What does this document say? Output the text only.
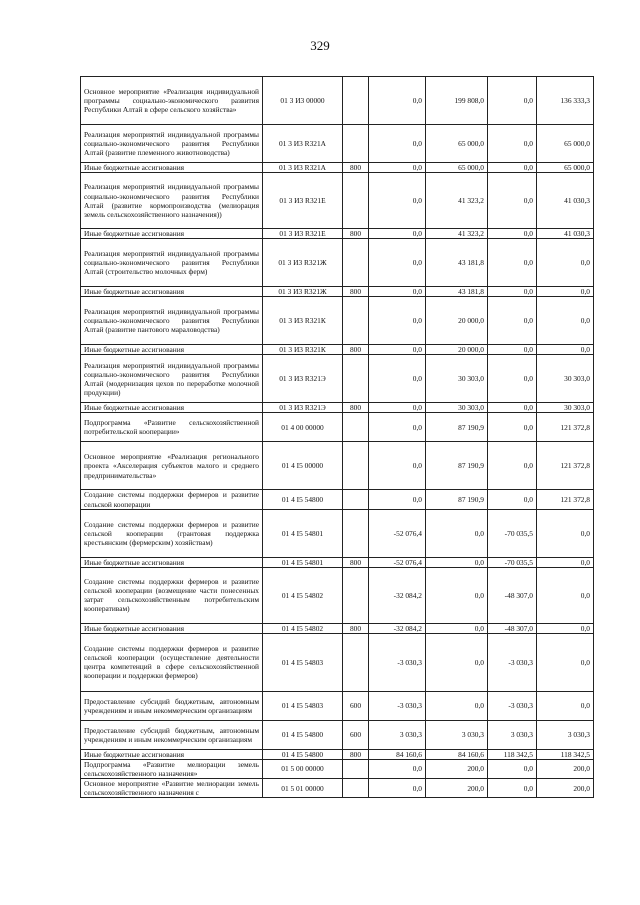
329
Основное мероприятие «Реализация индивидуальной программы социально-экономического развития Республики Алтай в сфере сельского хозяйства»	01 3 И3 00000		0,0	199 808,0	0,0	136 333,3
Реализация мероприятий индивидуальной программы социально-экономического развития Республики Алтай (развитие племенного животноводства)	01 3 И3 R321A		0,0	65 000,0	0,0	65 000,0
Иные бюджетные ассигнования	01 3 И3 R321A	800	0,0	65 000,0	0,0	65 000,0
Реализация мероприятий индивидуальной программы социально-экономического развития Республики Алтай (развитие кормопроизводства (мелиорация земель сельскохозяйственного назначения))	01 3 И3 R321Е		0,0	41 323,2	0,0	41 030,3
Иные бюджетные ассигнования	01 3 И3 R321Е	800	0,0	41 323,2	0,0	41 030,3
Реализация мероприятий индивидуальной программы социально-экономического развития Республики Алтай (строительство молочных ферм)	01 3 И3 R321Ж		0,0	43 181,8	0,0	0,0
Иные бюджетные ассигнования	01 3 И3 R321Ж	800	0,0	43 181,8	0,0	0,0
Реализация мероприятий индивидуальной программы социально-экономического развития Республики Алтай (развитие пантового мараловодства)	01 3 И3 R321К		0,0	20 000,0	0,0	0,0
Иные бюджетные ассигнования	01 3 И3 R321К	800	0,0	20 000,0	0,0	0,0
Реализация мероприятий индивидуальной программы социально-экономического развития Республики Алтай (модернизация цехов по переработке молочной продукции)	01 3 И3 R321Э		0,0	30 303,0	0,0	30 303,0
Иные бюджетные ассигнования	01 3 И3 R321Э	800	0,0	30 303,0	0,0	30 303,0
Подпрограмма «Развитие сельскохозяйственной потребительской кооперации»	01 4 00 00000		0,0	87 190,9	0,0	121 372,8
Основное мероприятие «Реализация регионального проекта «Акселерация субъектов малого и среднего предпринимательства»	01 4 I5 00000		0,0	87 190,9	0,0	121 372,8
Создание системы поддержки фермеров и развитие сельской кооперации	01 4 I5 54800		0,0	87 190,9	0,0	121 372,8
Создание системы поддержки фермеров и развитие сельской кооперации (грантовая поддержка крестьянским (фермерским) хозяйствам)	01 4 I5 54801		-52 076,4	0,0	-70 035,5	0,0
Иные бюджетные ассигнования	01 4 I5 54801	800	-52 076,4	0,0	-70 035,5	0,0
Создание системы поддержки фермеров и развитие сельской кооперации (возмещение части понесенных затрат сельскохозяйственным потребительским кооперативам)	01 4 I5 54802		-32 084,2	0,0	-48 307,0	0,0
Иные бюджетные ассигнования	01 4 I5 54802	800	-32 084,2	0,0	-48 307,0	0,0
Создание системы поддержки фермеров и развитие сельской кооперации (осуществление деятельности центра компетенций в сфере сельскохозяйственной кооперации и поддержки фермеров)	01 4 I5 54803		-3 030,3	0,0	-3 030,3	0,0
Предоставление субсидий бюджетным, автономным учреждениям и иным некоммерческим организациям	01 4 I5 54803	600	-3 030,3	0,0	-3 030,3	0,0
Предоставление субсидий бюджетным, автономным учреждениям и иным некоммерческим организациям	01 4 I5 54800	600	3 030,3	3 030,3	3 030,3	3 030,3
Иные бюджетные ассигнования	01 4 I5 54800	800	84 160,6	84 160,6	118 342,5	118 342,5
Подпрограмма «Развитие мелиорации земель сельскохозяйственного назначения»	01 5 00 00000		0,0	200,0	0,0	200,0
Основное мероприятие «Развитие мелиорации земель сельскохозяйственного назначения с	01 5 01 00000		0,0	200,0	0,0	200,0
